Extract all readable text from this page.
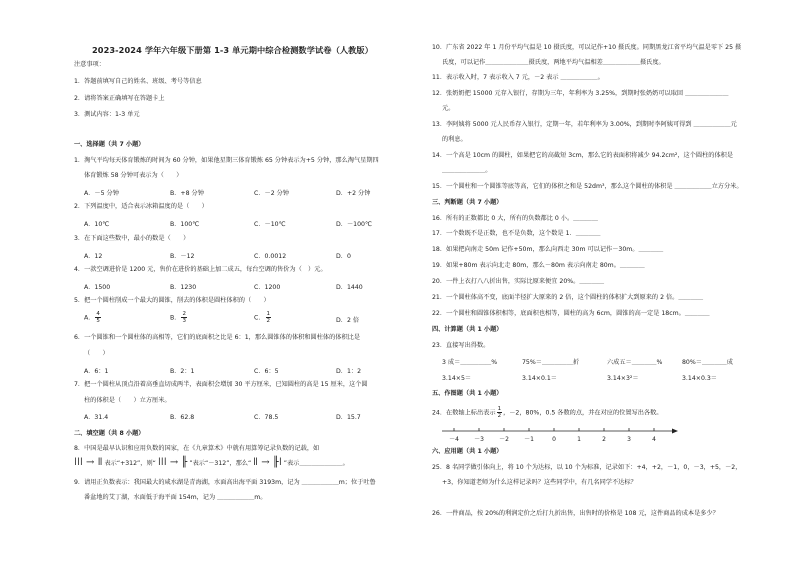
2023-2024 学年六年级下册第 1-3 单元期中综合检测数学试卷（人教版）
注意事项：
1．答题前填写自己的姓名、班级、考号等信息
2．请将答案正确填写在答题卡上
3．测试内容：1-3 单元
一、选择题（共 7 小题）
1．淘气平均每天体育锻炼的时间为 60 分钟，如果他星期三体育锻炼 65 分钟表示为+5 分钟，那么淘气星期四
体育锻炼 58 分钟可表示为（　　）
A．－5 分钟	B．+8 分钟	C．－2 分钟	D．+2 分钟
2．下列温度中，适合表示冰箱温度的是（　　）
A．10℃	B．100℃	C．－10℃	D．－100℃
3．在下面这些数中，最小的数是（　　）
A．12	B．－12	C．0.0012	D．0
4．一款空调进价是 1200 元，售价在进价的基础上加二成五，每台空调的售价为（　）元。
A．1500	B．1230	C．1200	D．1440
5．把一个圆柱削成一个最大的圆锥，削去的体积是圆柱体积的（　　）
A． $\frac{4}{5}$	B． $\frac{2}{3}$	C． $\frac{1}{2}$	D．2 倍
6．一个圆锥和一个圆柱体的高相等，它们的底面积之比是 6：1，那么圆锥体的体积和圆柱体的体积比是
（　　）
A．6：1	B．2：1	C．6：5	D．1：2
7．把一个圆柱从顶点沿着高垂直切成两半，表面积会增加 30 平方厘米，已知圆柱的高是 15 厘米，这个圆
柱的体积是（　　）立方厘米。
A．31.4	B．62.8	C．78.5	D．15.7
二、填空题（共 8 小题）
8．中国是最早认识和应用负数的国家，在《九章算术》中就有用算筹记录负数的记载，如
ǀǀǀ → ǁ 表示“+312”，则“ ǀǀǀ → ╟ ”表示“－312”，那么“ ǁ → ╟ǀ ”表示＿＿＿＿＿＿＿。
9．请用正负数表示：我国最大的咸水湖是青海湖，水面高出海平面 3193m，记为 ＿＿＿＿＿＿m；位于吐鲁
番盆地的艾丁湖，水面低于海平面 154m，记为 ＿＿＿＿＿＿m。
10．广东省 2022 年 1 月份平均气温是 10 摄氏度，可以记作+10 摄氏度。同期黑龙江省平均气温是零下 25 摄
氏度，可以记作＿＿＿＿＿＿＿摄氏度，两地平均气温相差＿＿＿＿＿＿摄氏度。
11．表示收入时，7 表示收入 7 元，－2 表示 ＿＿＿＿＿＿。
12．张奶奶把 15000 元存入银行，存期为三年，年利率为 3.25%，到期时张奶奶可以取回 ＿＿＿＿＿＿＿
元。
13．李阿姨将 5000 元人民币存入银行，定期一年，若年利率为 3.00%，到期时李阿姨可得到 ＿＿＿＿＿＿元
的利息。
14．一个高是 10cm 的圆柱，如果把它的高截短 3cm，那么它的表面积将减少 94.2cm²，这个圆柱的体积是
＿＿＿＿＿＿＿。
15．一个圆柱和一个圆锥等底等高，它们的体积之和是 52dm³，那么这个圆柱的体积是 ＿＿＿＿＿＿立方分米。
三、判断题（共 7 小题）
16．所有的正数都比 0 大，所有的负数都比 0 小。＿＿＿＿
17．一个数既不是正数，也不是负数，这个数是 1．＿＿＿＿
18．如果把向南走 50m 记作+50m，那么向西走 30m 可以记作－30m。＿＿＿＿
19．如果+80m 表示向北走 80m，那么－80m 表示向南走 80m。＿＿＿＿
20．一件上衣打八八折出售，实际比原来便宜 20%。＿＿＿＿
21．一个圆柱体高不变，底面半径扩大原来的 2 倍，这个圆柱的体积扩大到原来的 2 倍。＿＿＿＿
22．一个圆柱和圆锥体积相等，底面积也相等，圆柱的高为 6cm，圆锥的高一定是 18cm。＿＿＿＿
四、计算题（共 1 小题）
23．直接写出得数。
3 成＝＿＿＿＿＿%	75%＝＿＿＿＿＿折	六成五＝＿＿＿＿%	80%＝＿＿＿＿成
3.14×5＝	3.14×0.1＝	3.14×3²＝	3.14×0.3＝
五、作图题（共 1 小题）
24．在数轴上标出表示 $\frac{1}{2}$ ，－2，80%，0.5 各数的点，并在对应的位置写出各数。
－4	－3	－2	－1	0	1	2	3	4
六、应用题（共 1 小题）
25．8 名同学做引体向上，将 10 个为达标，以 10 个为标准，记录如下：+4，+2，－1，0，－3，+5，－2，
+3，你知道老师为什么这样记录吗？这些同学中，有几名同学不达标？
26．一件商品，按 20%的利润定价之后打九折出售，出售时的价格是 108 元，这件商品的成本是多少？
